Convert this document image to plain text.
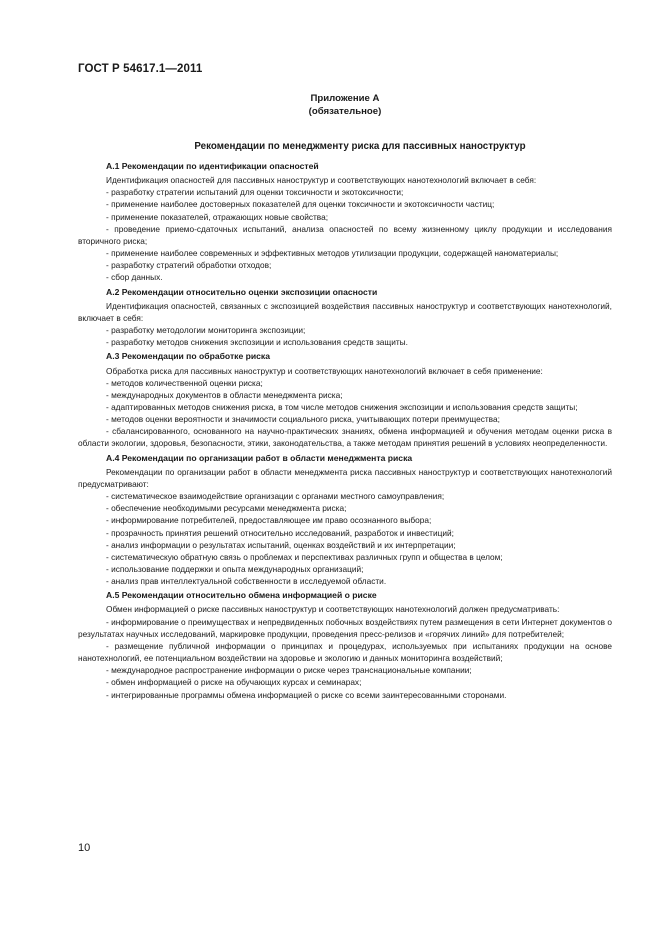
ГОСТ Р 54617.1—2011
Приложение А
(обязательное)
Рекомендации по менеджменту риска для пассивных наноструктур

А.1 Рекомендации по идентификации опасностей

Идентификация опасностей для пассивных наноструктур и соответствующих нанотехнологий включает в себя:

- разработку стратегии испытаний для оценки токсичности и экотоксичности;

- применение наиболее достоверных показателей для оценки токсичности и экотоксичности частиц;

- применение показателей, отражающих новые свойства;

- проведение приемо-сдаточных испытаний, анализа опасностей по всему жизненному циклу продукции и исследования вторичного риска;

- применение наиболее современных и эффективных методов утилизации продукции, содержащей наноматериалы;

- разработку стратегий обработки отходов;

- сбор данных.

А.2 Рекомендации относительно оценки экспозиции опасности

Идентификация опасностей, связанных с экспозицией воздействия пассивных наноструктур и соответствующих нанотехнологий, включает в себя:

- разработку методологии мониторинга экспозиции;

- разработку методов снижения экспозиции и использования средств защиты.

А.3 Рекомендации по обработке риска

Обработка риска для пассивных наноструктур и соответствующих нанотехнологий включает в себя применение:

- методов количественной оценки риска;

- международных документов в области менеджмента риска;

- адаптированных методов снижения риска, в том числе методов снижения экспозиции и использования средств защиты;

- методов оценки вероятности и значимости социального риска, учитывающих потери преимущества;

- сбалансированного, основанного на научно-практических знаниях, обмена информацией и обучения методам оценки риска в области экологии, здоровья, безопасности, этики, законодательства, а также методам принятия решений в условиях неопределенности.

А.4 Рекомендации по организации работ в области менеджмента риска

Рекомендации по организации работ в области менеджмента риска пассивных наноструктур и соответствующих нанотехнологий предусматривают:

- систематическое взаимодействие организации с органами местного самоуправления;

- обеспечение необходимыми ресурсами менеджмента риска;

- информирование потребителей, предоставляющее им право осознанного выбора;

- прозрачность принятия решений относительно исследований, разработок и инвестиций;

- анализ информации о результатах испытаний, оценках воздействий и их интерпретации;

- систематическую обратную связь о проблемах и перспективах различных групп и общества в целом;

- использование поддержки и опыта международных организаций;

- анализ прав интеллектуальной собственности в исследуемой области.

А.5 Рекомендации относительно обмена информацией о риске

Обмен информацией о риске пассивных наноструктур и соответствующих нанотехнологий должен предусматривать:

- информирование о преимуществах и непредвиденных побочных воздействиях путем размещения в сети Интернет документов о результатах научных исследований, маркировке продукции, проведения пресс-релизов и «горячих линий» для потребителей;

- размещение публичной информации о принципах и процедурах, используемых при испытаниях продукции на основе нанотехнологий, ее потенциальном воздействии на здоровье и экологию и данных мониторинга воздействий;

- международное распространение информации о риске через транснациональные компании;

- обмен информацией о риске на обучающих курсах и семинарах;

- интегрированные программы обмена информацией о риске со всеми заинтересованными сторонами.

10
